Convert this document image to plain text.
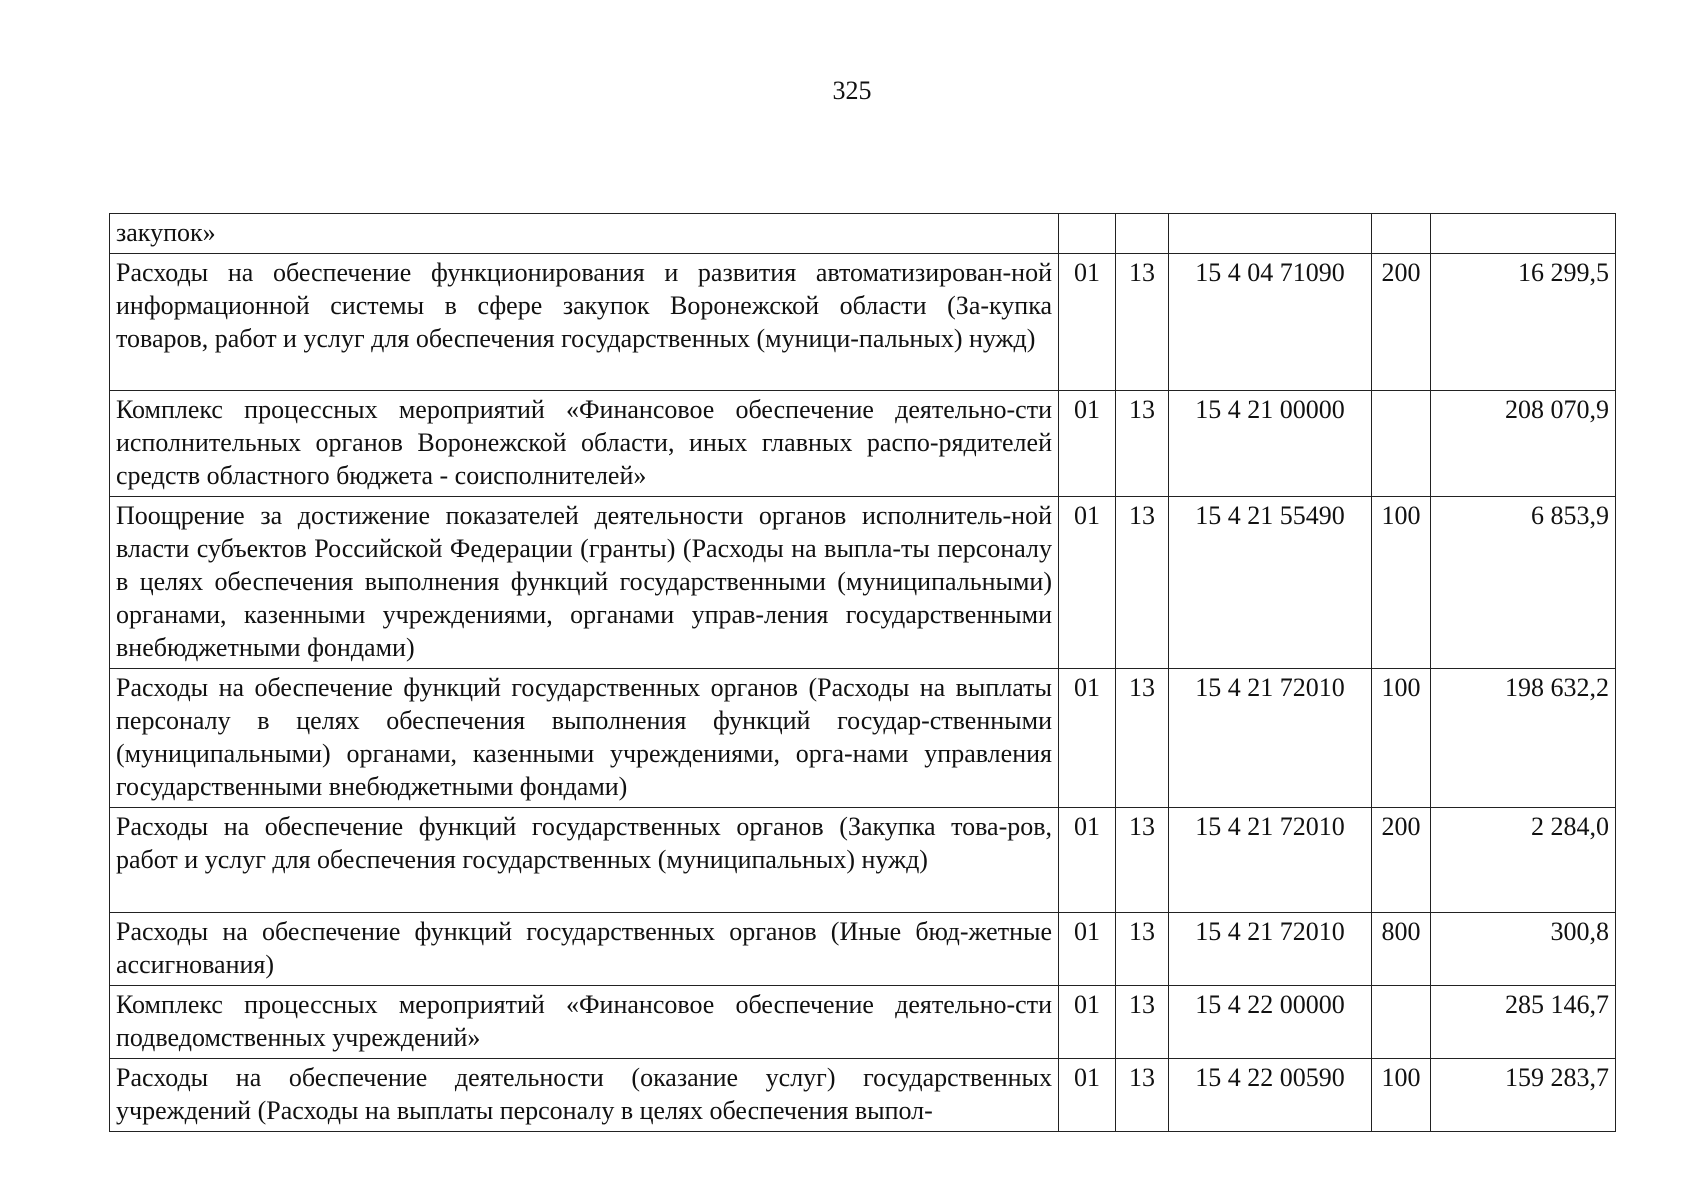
325
закупок»					
Расходы на обеспечение функционирования и развития автоматизирован-ной информационной системы в сфере закупок Воронежской области (За-купка товаров, работ и услуг для обеспечения государственных (муници-пальных) нужд)	01	13	15 4 04 71090	200	16 299,5
Комплекс процессных мероприятий «Финансовое обеспечение деятельно-сти исполнительных органов Воронежской области, иных главных распо-рядителей средств областного бюджета - соисполнителей»	01	13	15 4 21 00000		208 070,9
Поощрение за достижение показателей деятельности органов исполнитель-ной власти субъектов Российской Федерации (гранты) (Расходы на выпла-ты персоналу в целях обеспечения выполнения функций государственными (муниципальными) органами, казенными учреждениями, органами управ-ления государственными внебюджетными фондами)	01	13	15 4 21 55490	100	6 853,9
Расходы на обеспечение функций государственных органов (Расходы на выплаты персоналу в целях обеспечения выполнения функций государ-ственными (муниципальными) органами, казенными учреждениями, орга-нами управления государственными внебюджетными фондами)	01	13	15 4 21 72010	100	198 632,2
Расходы на обеспечение функций государственных органов (Закупка това-ров, работ и услуг для обеспечения государственных (муниципальных) нужд)	01	13	15 4 21 72010	200	2 284,0
Расходы на обеспечение функций государственных органов (Иные бюд-жетные ассигнования)	01	13	15 4 21 72010	800	300,8
Комплекс процессных мероприятий «Финансовое обеспечение деятельно-сти подведомственных учреждений»	01	13	15 4 22 00000		285 146,7
Расходы на обеспечение деятельности (оказание услуг) государственных учреждений (Расходы на выплаты персоналу в целях обеспечения выпол-	01	13	15 4 22 00590	100	159 283,7
